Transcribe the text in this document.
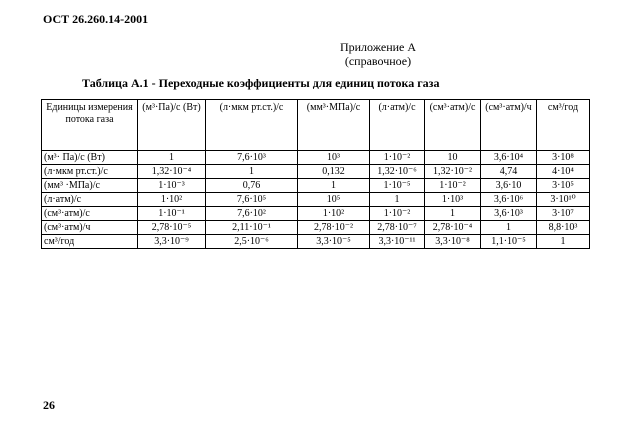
ОСТ 26.260.14-2001
Приложение А
(справочное)
Таблица А.1 - Переходные коэффициенты для единиц потока газа
Единицы измерения потока газа	(м³·Па)/с (Вт)	(л·мкм рт.ст.)/с	(мм³·МПа)/с	(л·атм)/с	(см³·атм)/с	(см³·атм)/ч	см³/год
(м³· Па)/с (Вт)	1	7,6·10³	10³	1·10⁻²	10	3,6·10⁴	3·10⁸
(л·мкм рт.ст.)/с	1,32·10⁻⁴	1	0,132	1,32·10⁻⁶	1,32·10⁻²	4,74	4·10⁴
(мм³ ·МПа)/с	1·10⁻³	0,76	1	1·10⁻⁵	1·10⁻²	3,6·10	3·10⁵
(л·атм)/с	1·10²	7,6·10⁵	10⁵	1	1·10³	3,6·10⁶	3·10¹⁰
(см³·атм)/с	1·10⁻¹	7,6·10²	1·10²	1·10⁻²	1	3,6·10³	3·10⁷
(см³·атм)/ч	2,78·10⁻⁵	2,11·10⁻¹	2,78·10⁻²	2,78·10⁻⁷	2,78·10⁻⁴	1	8,8·10³
см³/год	3,3·10⁻⁹	2,5·10⁻⁶	3,3·10⁻⁵	3,3·10⁻¹¹	3,3·10⁻⁸	1,1·10⁻⁵	1
26
